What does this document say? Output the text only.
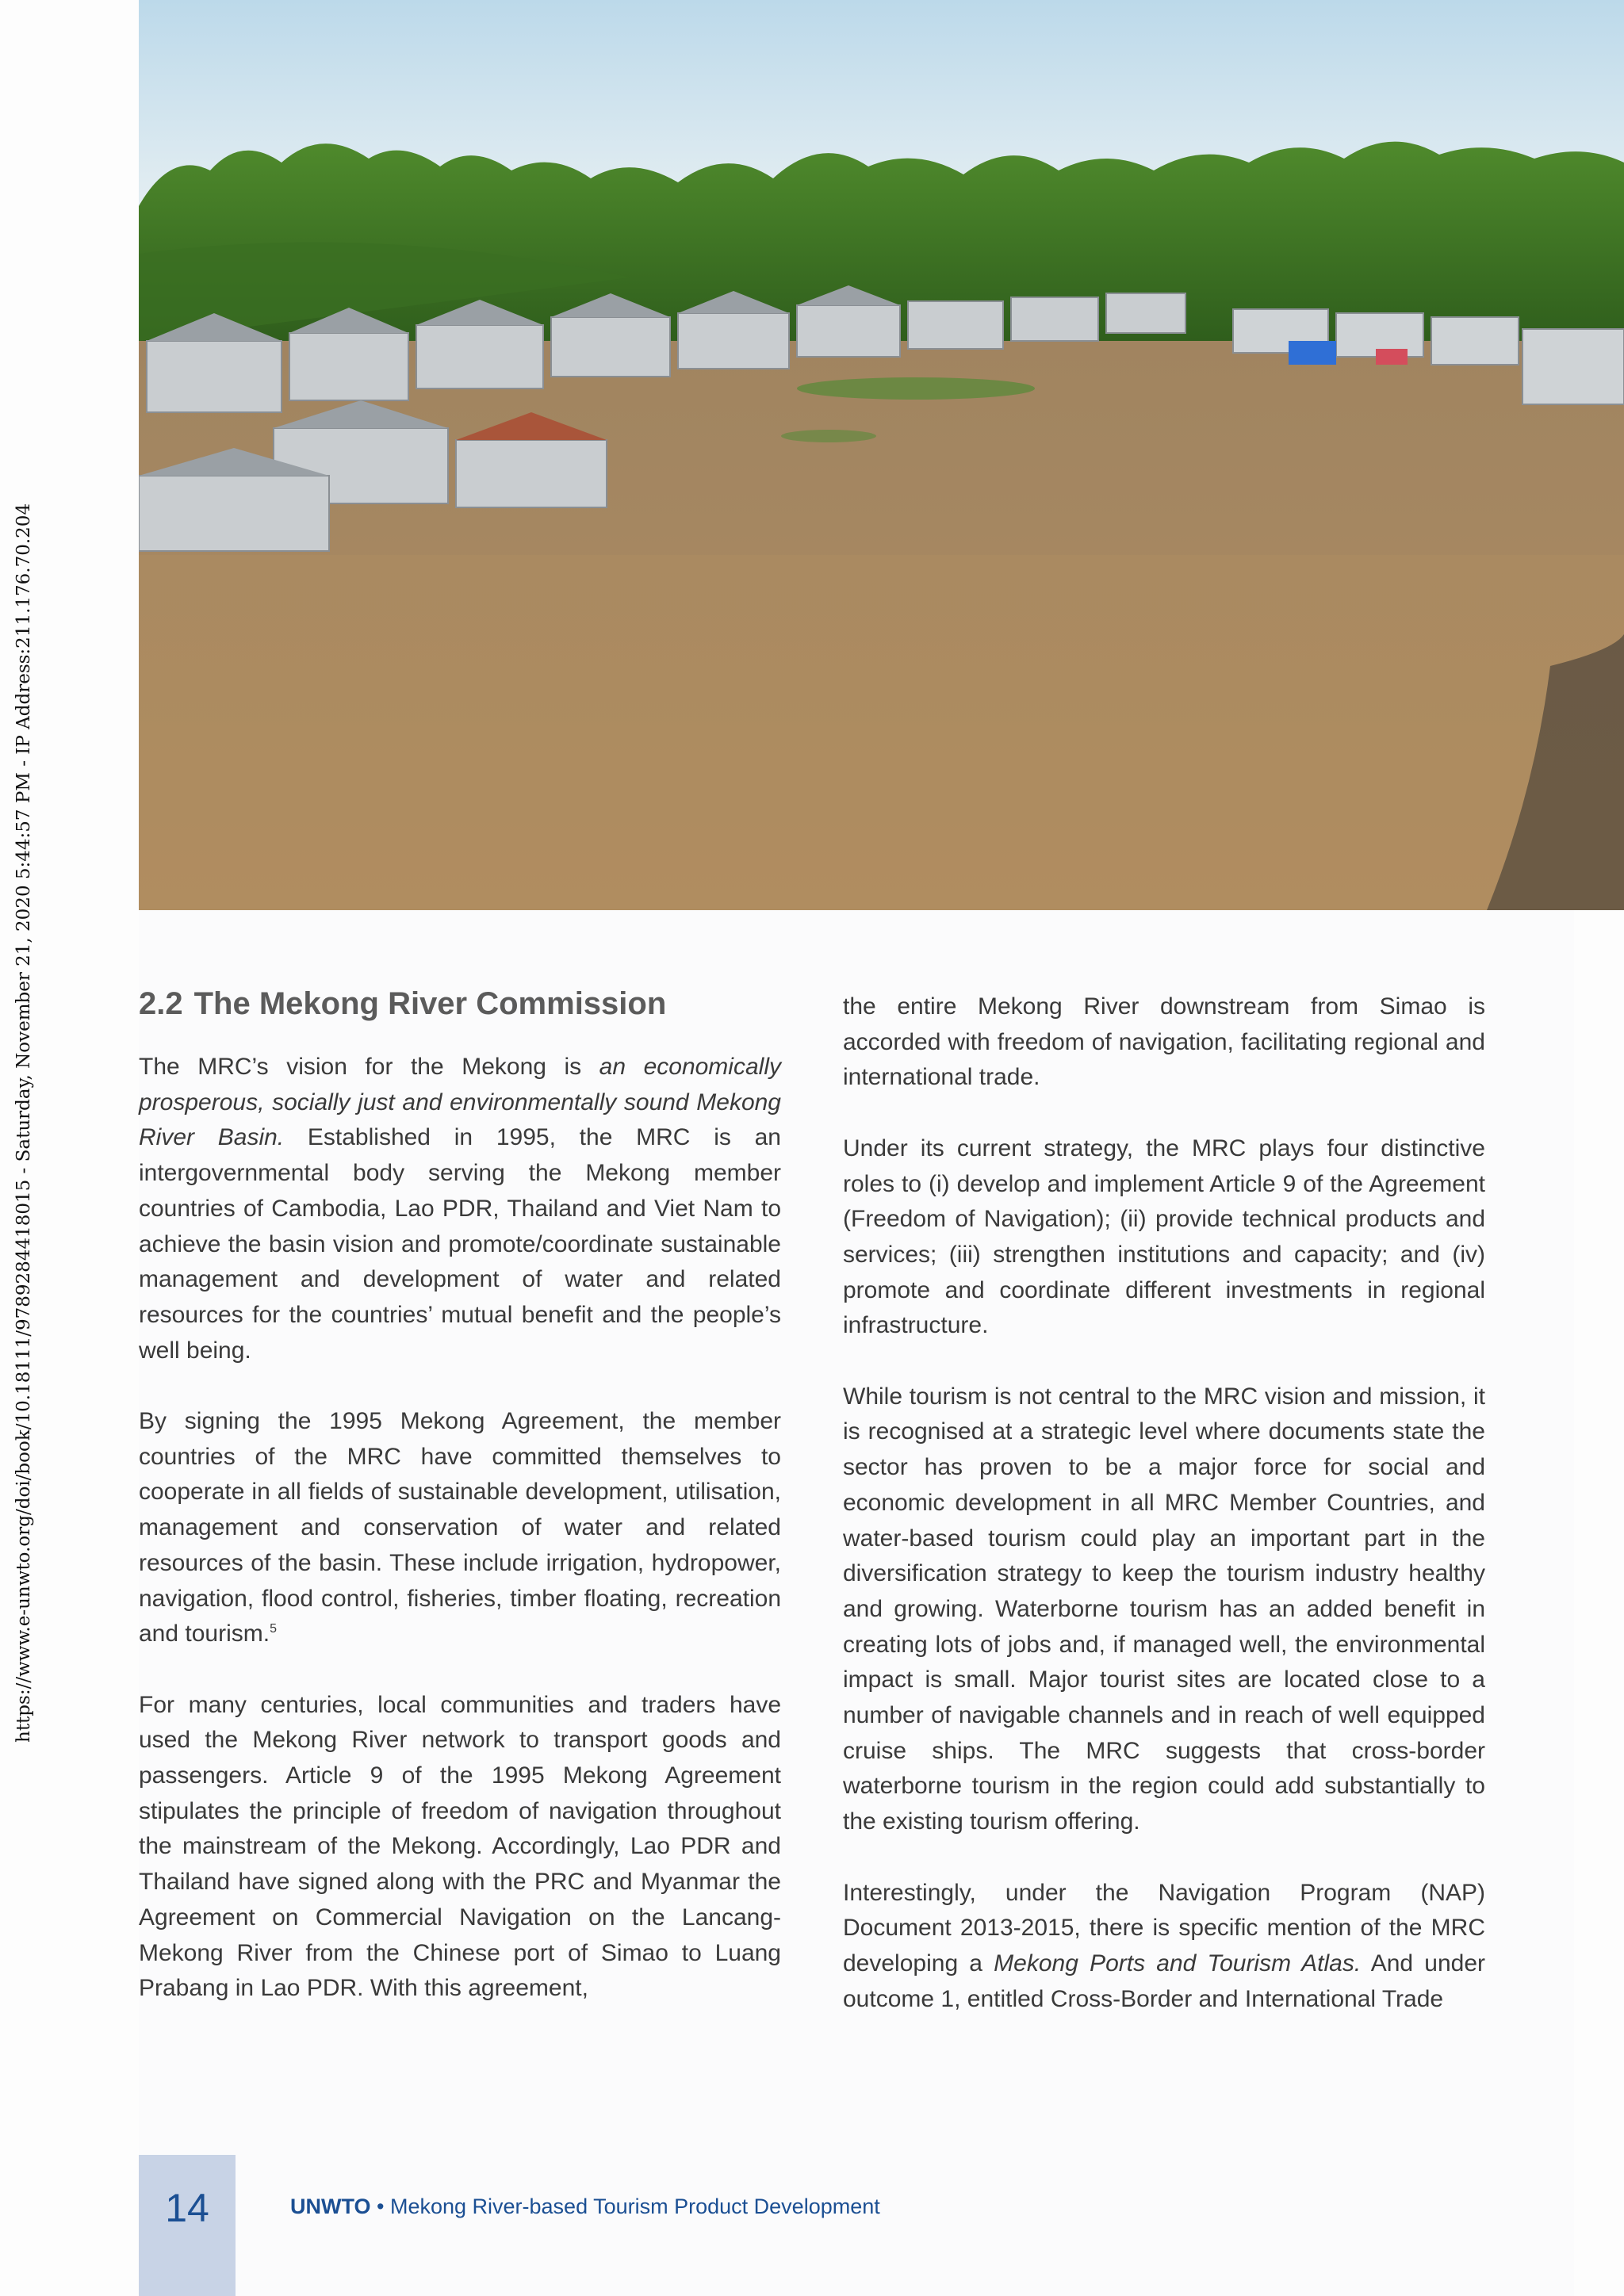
https://www.e-unwto.org/doi/book/10.18111/9789284418015 - Saturday, November 21, 2020 5:44:57 PM - IP Address:211.176.70.204	2.2 The Mekong River Commission

The MRC’s vision for the Mekong is an economically prosperous, socially just and environmentally sound Mekong River Basin. Established in 1995, the MRC is an intergovernmental body serving the Mekong member countries of Cambodia, Lao PDR, Thailand and Viet Nam to achieve the basin vision and promote/coordinate sustainable management and development of water and related resources for the countries’ mutual benefit and the people’s well being.

By signing the 1995 Mekong Agreement, the member countries of the MRC have committed themselves to cooperate in all fields of sustainable development, utilisation, management and conservation of water and related resources of the basin. These include irrigation, hydropower, navigation, flood control, fisheries, timber floating, recreation and tourism.$^5$

For many centuries, local communities and traders have used the Mekong River network to transport goods and passengers. Article 9 of the 1995 Mekong Agreement stipulates the principle of freedom of navigation throughout the mainstream of the Mekong. Accordingly, Lao PDR and Thailand have signed along with the PRC and Myanmar the Agreement on Commercial Navigation on the Lancang-Mekong River from the Chinese port of Simao to Luang Prabang in Lao PDR. With this agreement,

the entire Mekong River downstream from Simao is accorded with freedom of navigation, facilitating regional and international trade.

Under its current strategy, the MRC plays four distinctive roles to (i) develop and implement Article 9 of the Agreement (Freedom of Navigation); (ii) provide technical products and services; (iii) strengthen institutions and capacity; and (iv) promote and coordinate different investments in regional infrastructure.

While tourism is not central to the MRC vision and mission, it is recognised at a strategic level where documents state the sector has proven to be a major force for social and economic development in all MRC Member Countries, and water-based tourism could play an important part in the diversification strategy to keep the tourism industry healthy and growing. Waterborne tourism has an added benefit in creating lots of jobs and, if managed well, the environmental impact is small. Major tourist sites are located close to a number of navigable channels and in reach of well equipped cruise ships. The MRC suggests that cross-border waterborne tourism in the region could add substantially to the existing tourism offering.

Interestingly, under the Navigation Program (NAP) Document 2013-2015, there is specific mention of the MRC developing a Mekong Ports and Tourism Atlas. And under outcome 1, entitled Cross-Border and International Trade

14	UNWTO • Mekong River-based Tourism Product Development
